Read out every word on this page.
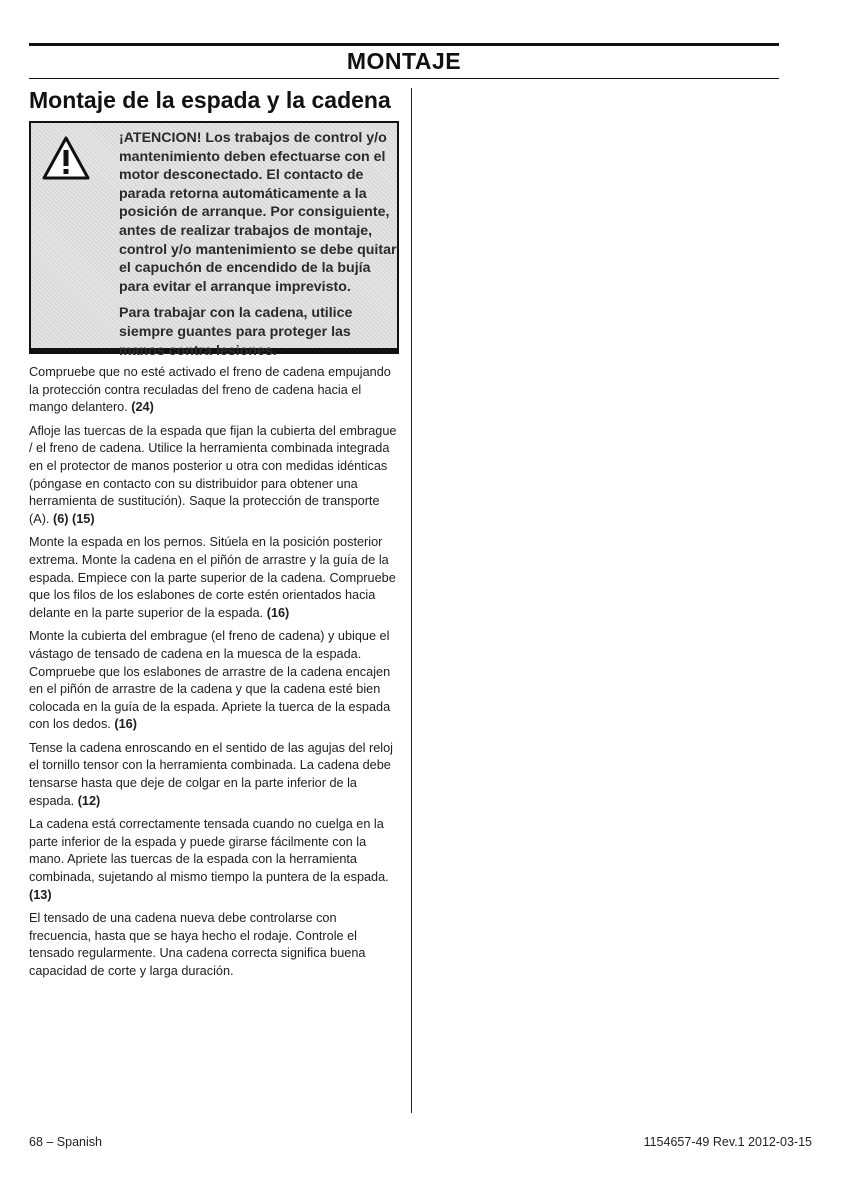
MONTAJE
Montaje de la espada y la cadena

¡ATENCION! Los trabajos de control y/o mantenimiento deben efectuarse con el motor desconectado. El contacto de parada retorna automáticamente a la posición de arranque. Por consiguiente, antes de realizar trabajos de montaje, control y/o mantenimiento se debe quitar el capuchón de encendido de la bujía para evitar el arranque imprevisto.

Para trabajar con la cadena, utilice siempre guantes para proteger las manos contra lesiones.

Compruebe que no esté activado el freno de cadena empujando la protección contra reculadas del freno de cadena hacia el mango delantero. (24)

Afloje las tuercas de la espada que fijan la cubierta del embrague / el freno de cadena. Utilice la herramienta combinada integrada en el protector de manos posterior u otra con medidas idénticas (póngase en contacto con su distribuidor para obtener una herramienta de sustitución). Saque la protección de transporte (A). (6) (15)

Monte la espada en los pernos. Sitúela en la posición posterior extrema. Monte la cadena en el piñón de arrastre y la guía de la espada. Empiece con la parte superior de la cadena. Compruebe que los filos de los eslabones de corte estén orientados hacia delante en la parte superior de la espada. (16)

Monte la cubierta del embrague (el freno de cadena) y ubique el vástago de tensado de cadena en la muesca de la espada. Compruebe que los eslabones de arrastre de la cadena encajen en el piñón de arrastre de la cadena y que la cadena esté bien colocada en la guía de la espada. Apriete la tuerca de la espada con los dedos. (16)

Tense la cadena enroscando en el sentido de las agujas del reloj el tornillo tensor con la herramienta combinada. La cadena debe tensarse hasta que deje de colgar en la parte inferior de la espada. (12)

La cadena está correctamente tensada cuando no cuelga en la parte inferior de la espada y puede girarse fácilmente con la mano. Apriete las tuercas de la espada con la herramienta combinada, sujetando al mismo tiempo la puntera de la espada. (13)

El tensado de una cadena nueva debe controlarse con frecuencia, hasta que se haya hecho el rodaje. Controle el tensado regularmente. Una cadena correcta significa buena capacidad de corte y larga duración.

68 – Spanish	1154657-49 Rev.1 2012-03-15
